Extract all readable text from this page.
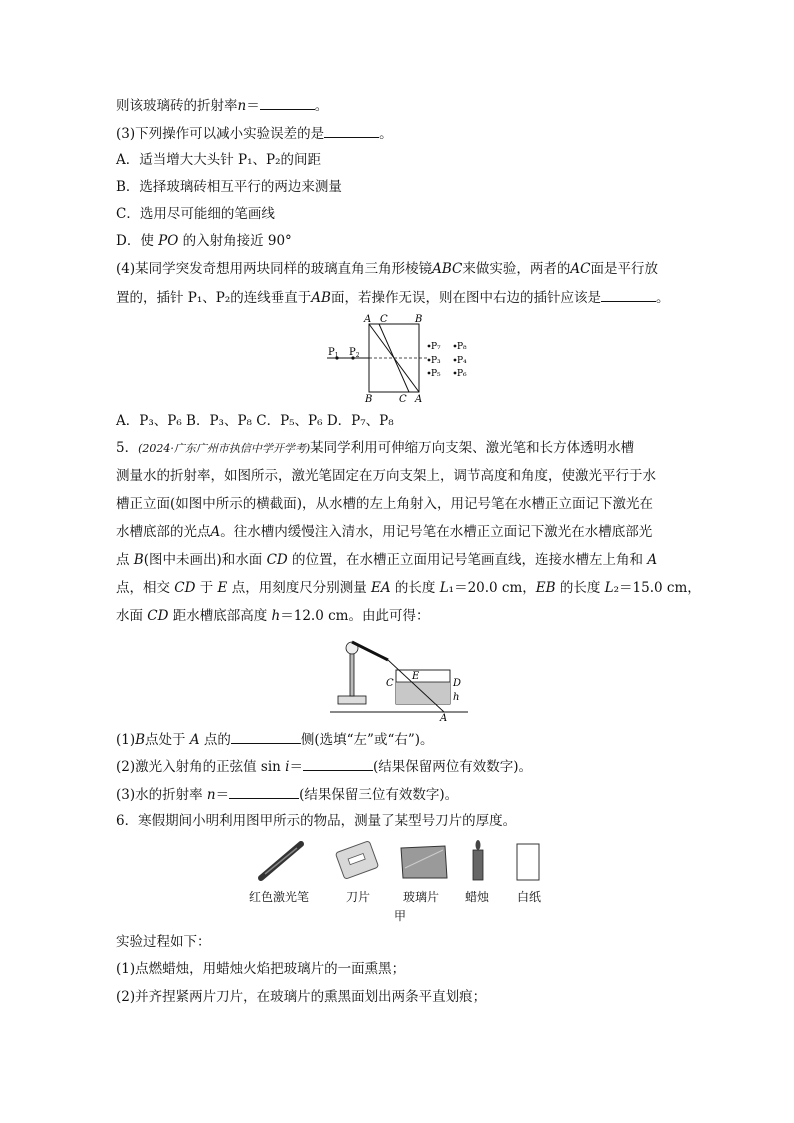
则该玻璃砖的折射率n＝	。
(3)下列操作可以减小实验误差的是	。
A．适当增大大头针 P₁、P₂的间距
B．选择玻璃砖相互平行的两边来测量
C．选用尽可能细的笔画线
D．使 PO 的入射角接近 90°
(4)某同学突发奇想用两块同样的玻璃直角三角形棱镜ABC来做实验，两者的AC面是平行放
置的，插针 P₁、P₂的连线垂直于AB面，若操作无误，则在图中右边的插针应该是	。
$P_1$ $P_2$
A C	B
B	C A
P₇ P₈
P₃ P₄
P₅ P₆
A．P₃、P₆ B．P₃、P₈ C．P₅、P₆ D．P₇、P₈
5．(2024·广东广州市执信中学开学考)某同学利用可伸缩万向支架、激光笔和长方体透明水槽
测量水的折射率，如图所示，激光笔固定在万向支架上，调节高度和角度，使激光平行于水
槽正立面(如图中所示的横截面)，从水槽的左上角射入，用记号笔在水槽正立面记下激光在
水槽底部的光点A。往水槽内缓慢注入清水，用记号笔在水槽正立面记下激光在水槽底部光
点 B(图中未画出)和水面 CD 的位置，在水槽正立面用记号笔画直线，连接水槽左上角和 A
点，相交 CD 于 E 点，用刻度尺分别测量 EA 的长度 L₁＝20.0 cm，EB 的长度 L₂＝15.0 cm，
水面 CD 距水槽底部高度 h＝12.0 cm。由此可得：
C
E
D
h
A
(1)B点处于 A 点的	侧(选填“左”或“右”)。
(2)激光入射角的正弦值 sin i＝	(结果保留两位有效数字)。
(3)水的折射率 n＝	(结果保留三位有效数字)。
6．寒假期间小明利用图甲所示的物品，测量了某型号刀片的厚度。
红色激光笔	刀片	玻璃片 蜡烛 白纸
甲
实验过程如下：
(1)点燃蜡烛，用蜡烛火焰把玻璃片的一面熏黑；
(2)并齐捏紧两片刀片，在玻璃片的熏黑面划出两条平直划痕；
